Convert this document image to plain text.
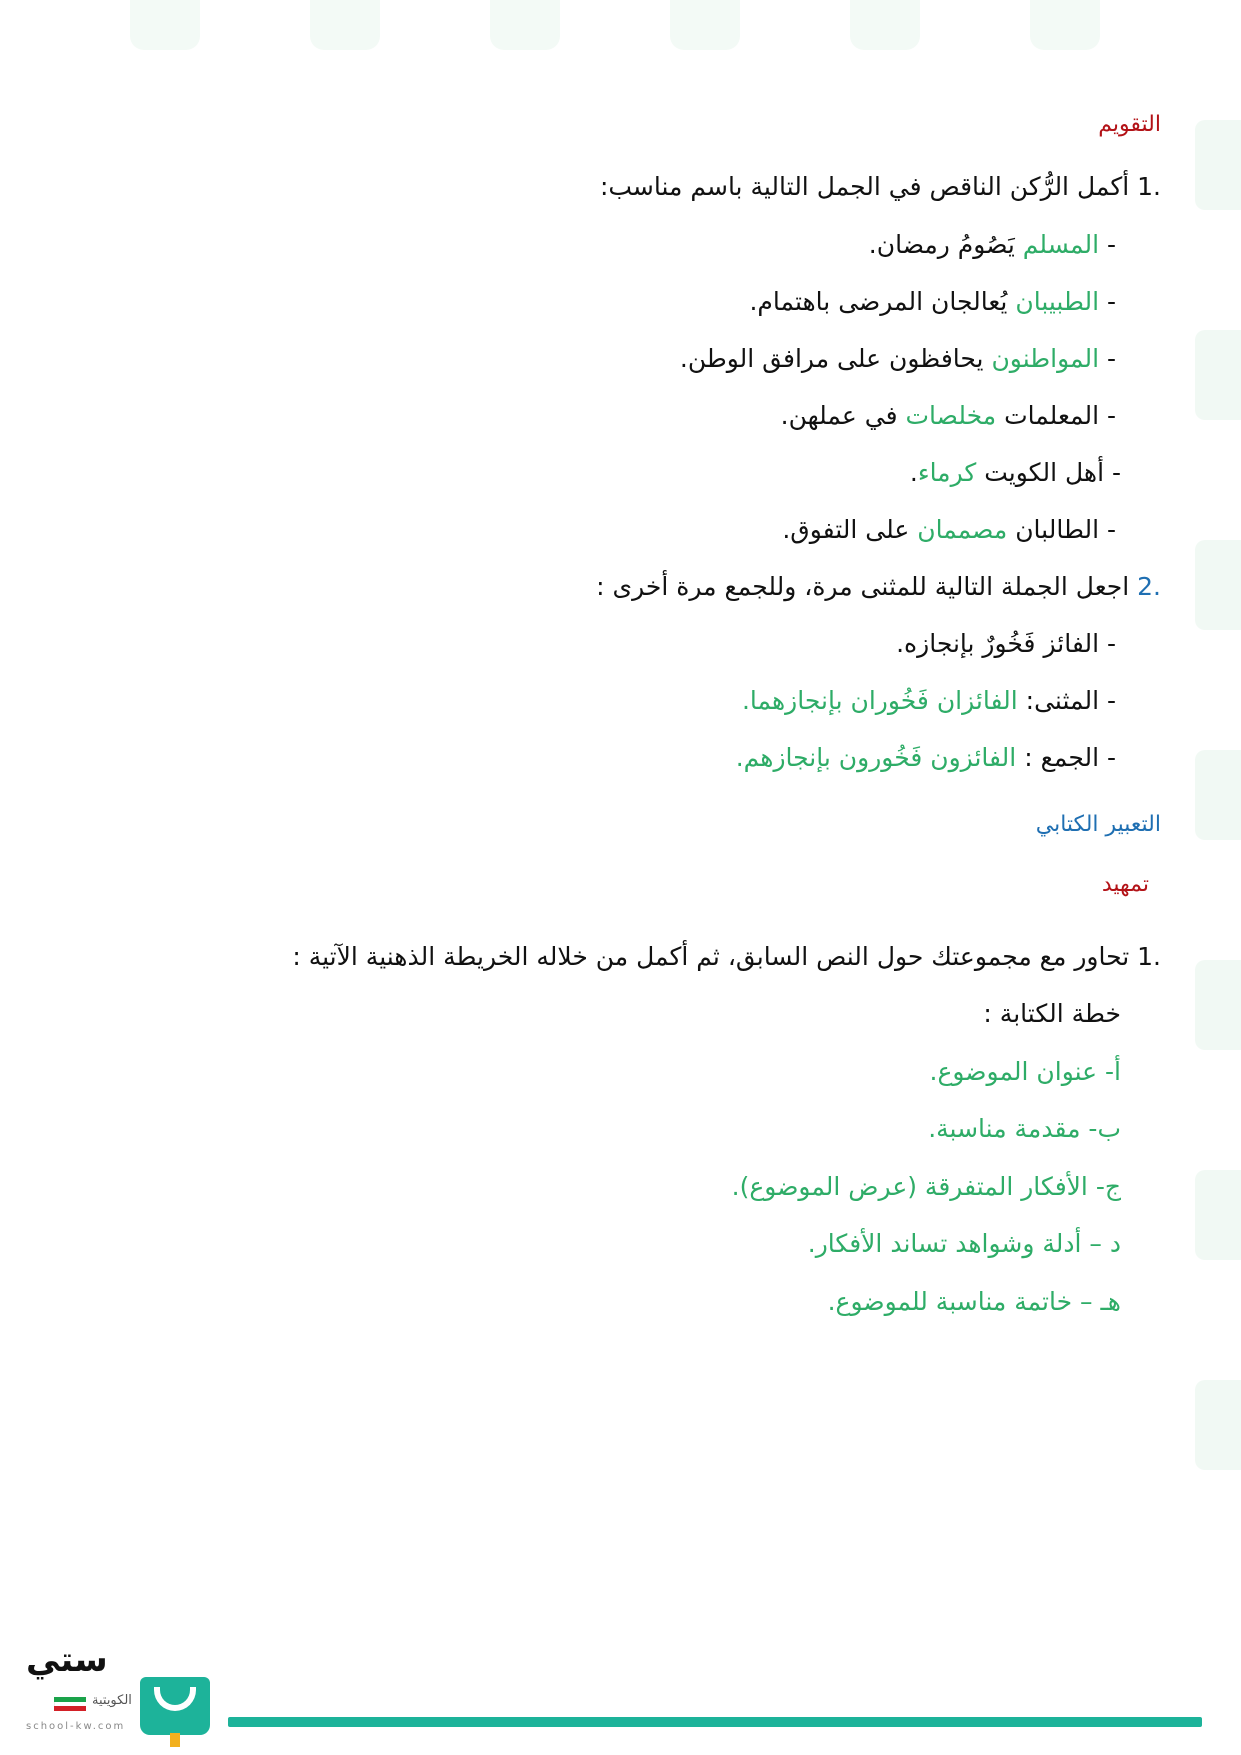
التقويم
.1 أكمل الرُّكن الناقص في الجمل التالية باسم مناسب:
- المسلم يَصُومُ رمضان.
- الطبيبان يُعالجان المرضى باهتمام.
- المواطنون يحافظون على مرافق الوطن.
- المعلمات مخلصات في عملهن.
- أهل الكويت كرماء.
- الطالبان مصممان على التفوق.
.2 اجعل الجملة التالية للمثنى مرة، وللجمع مرة أخرى :
- الفائز فَخُورٌ بإنجازه.
- المثنى: الفائزان فَخُوران بإنجازهما.
- الجمع : الفائزون فَخُورون بإنجازهم.
التعبير الكتابي
تمهيد
.1 تحاور مع مجموعتك حول النص السابق، ثم أكمل من خلاله الخريطة الذهنية الآتية :
خطة الكتابة :
أ- عنوان الموضوع.
ب- مقدمة مناسبة.
ج- الأفكار المتفرقة (عرض الموضوع).
د – أدلة وشواهد تساند الأفكار.
هـ – خاتمة مناسبة للموضوع.
ستي
الكويتية
school-kw.com
